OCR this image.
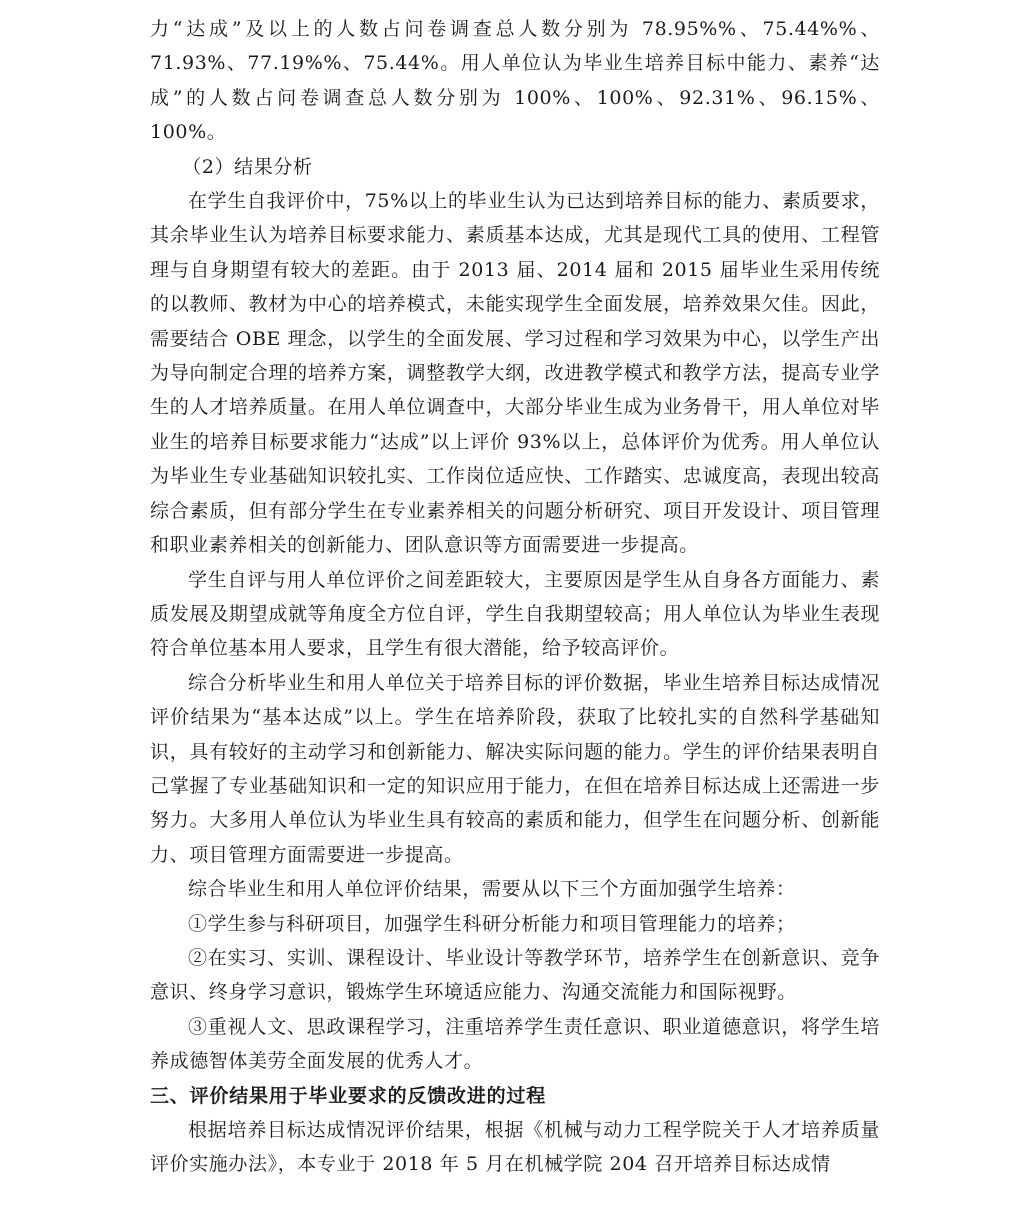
力“达成”及以上的人数占问卷调查总人数分别为 78.95%%、75.44%%、71.93%、77.19%%、75.44%。用人单位认为毕业生培养目标中能力、素养“达成”的人数占问卷调查总人数分别为 100%、100%、92.31%、96.15%、100%。

（2）结果分析

在学生自我评价中，75%以上的毕业生认为已达到培养目标的能力、素质要求，其余毕业生认为培养目标要求能力、素质基本达成，尤其是现代工具的使用、工程管理与自身期望有较大的差距。由于 2013 届、2014 届和 2015 届毕业生采用传统的以教师、教材为中心的培养模式，未能实现学生全面发展，培养效果欠佳。因此，需要结合 OBE 理念，以学生的全面发展、学习过程和学习效果为中心，以学生产出为导向制定合理的培养方案，调整教学大纲，改进教学模式和教学方法，提高专业学生的人才培养质量。在用人单位调查中，大部分毕业生成为业务骨干，用人单位对毕业生的培养目标要求能力“达成”以上评价 93%以上，总体评价为优秀。用人单位认为毕业生专业基础知识较扎实、工作岗位适应快、工作踏实、忠诚度高，表现出较高综合素质，但有部分学生在专业素养相关的问题分析研究、项目开发设计、项目管理和职业素养相关的创新能力、团队意识等方面需要进一步提高。

学生自评与用人单位评价之间差距较大，主要原因是学生从自身各方面能力、素质发展及期望成就等角度全方位自评，学生自我期望较高；用人单位认为毕业生表现符合单位基本用人要求，且学生有很大潜能，给予较高评价。

综合分析毕业生和用人单位关于培养目标的评价数据，毕业生培养目标达成情况评价结果为“基本达成”以上。学生在培养阶段，获取了比较扎实的自然科学基础知识，具有较好的主动学习和创新能力、解决实际问题的能力。学生的评价结果表明自己掌握了专业基础知识和一定的知识应用于能力，在但在培养目标达成上还需进一步努力。大多用人单位认为毕业生具有较高的素质和能力，但学生在问题分析、创新能力、项目管理方面需要进一步提高。

综合毕业生和用人单位评价结果，需要从以下三个方面加强学生培养：

①学生参与科研项目，加强学生科研分析能力和项目管理能力的培养；

②在实习、实训、课程设计、毕业设计等教学环节，培养学生在创新意识、竞争意识、终身学习意识，锻炼学生环境适应能力、沟通交流能力和国际视野。

③重视人文、思政课程学习，注重培养学生责任意识、职业道德意识，将学生培养成德智体美劳全面发展的优秀人才。

三、评价结果用于毕业要求的反馈改进的过程

根据培养目标达成情况评价结果，根据《机械与动力工程学院关于人才培养质量评价实施办法》，本专业于 2018 年 5 月在机械学院 204 召开培养目标达成情
